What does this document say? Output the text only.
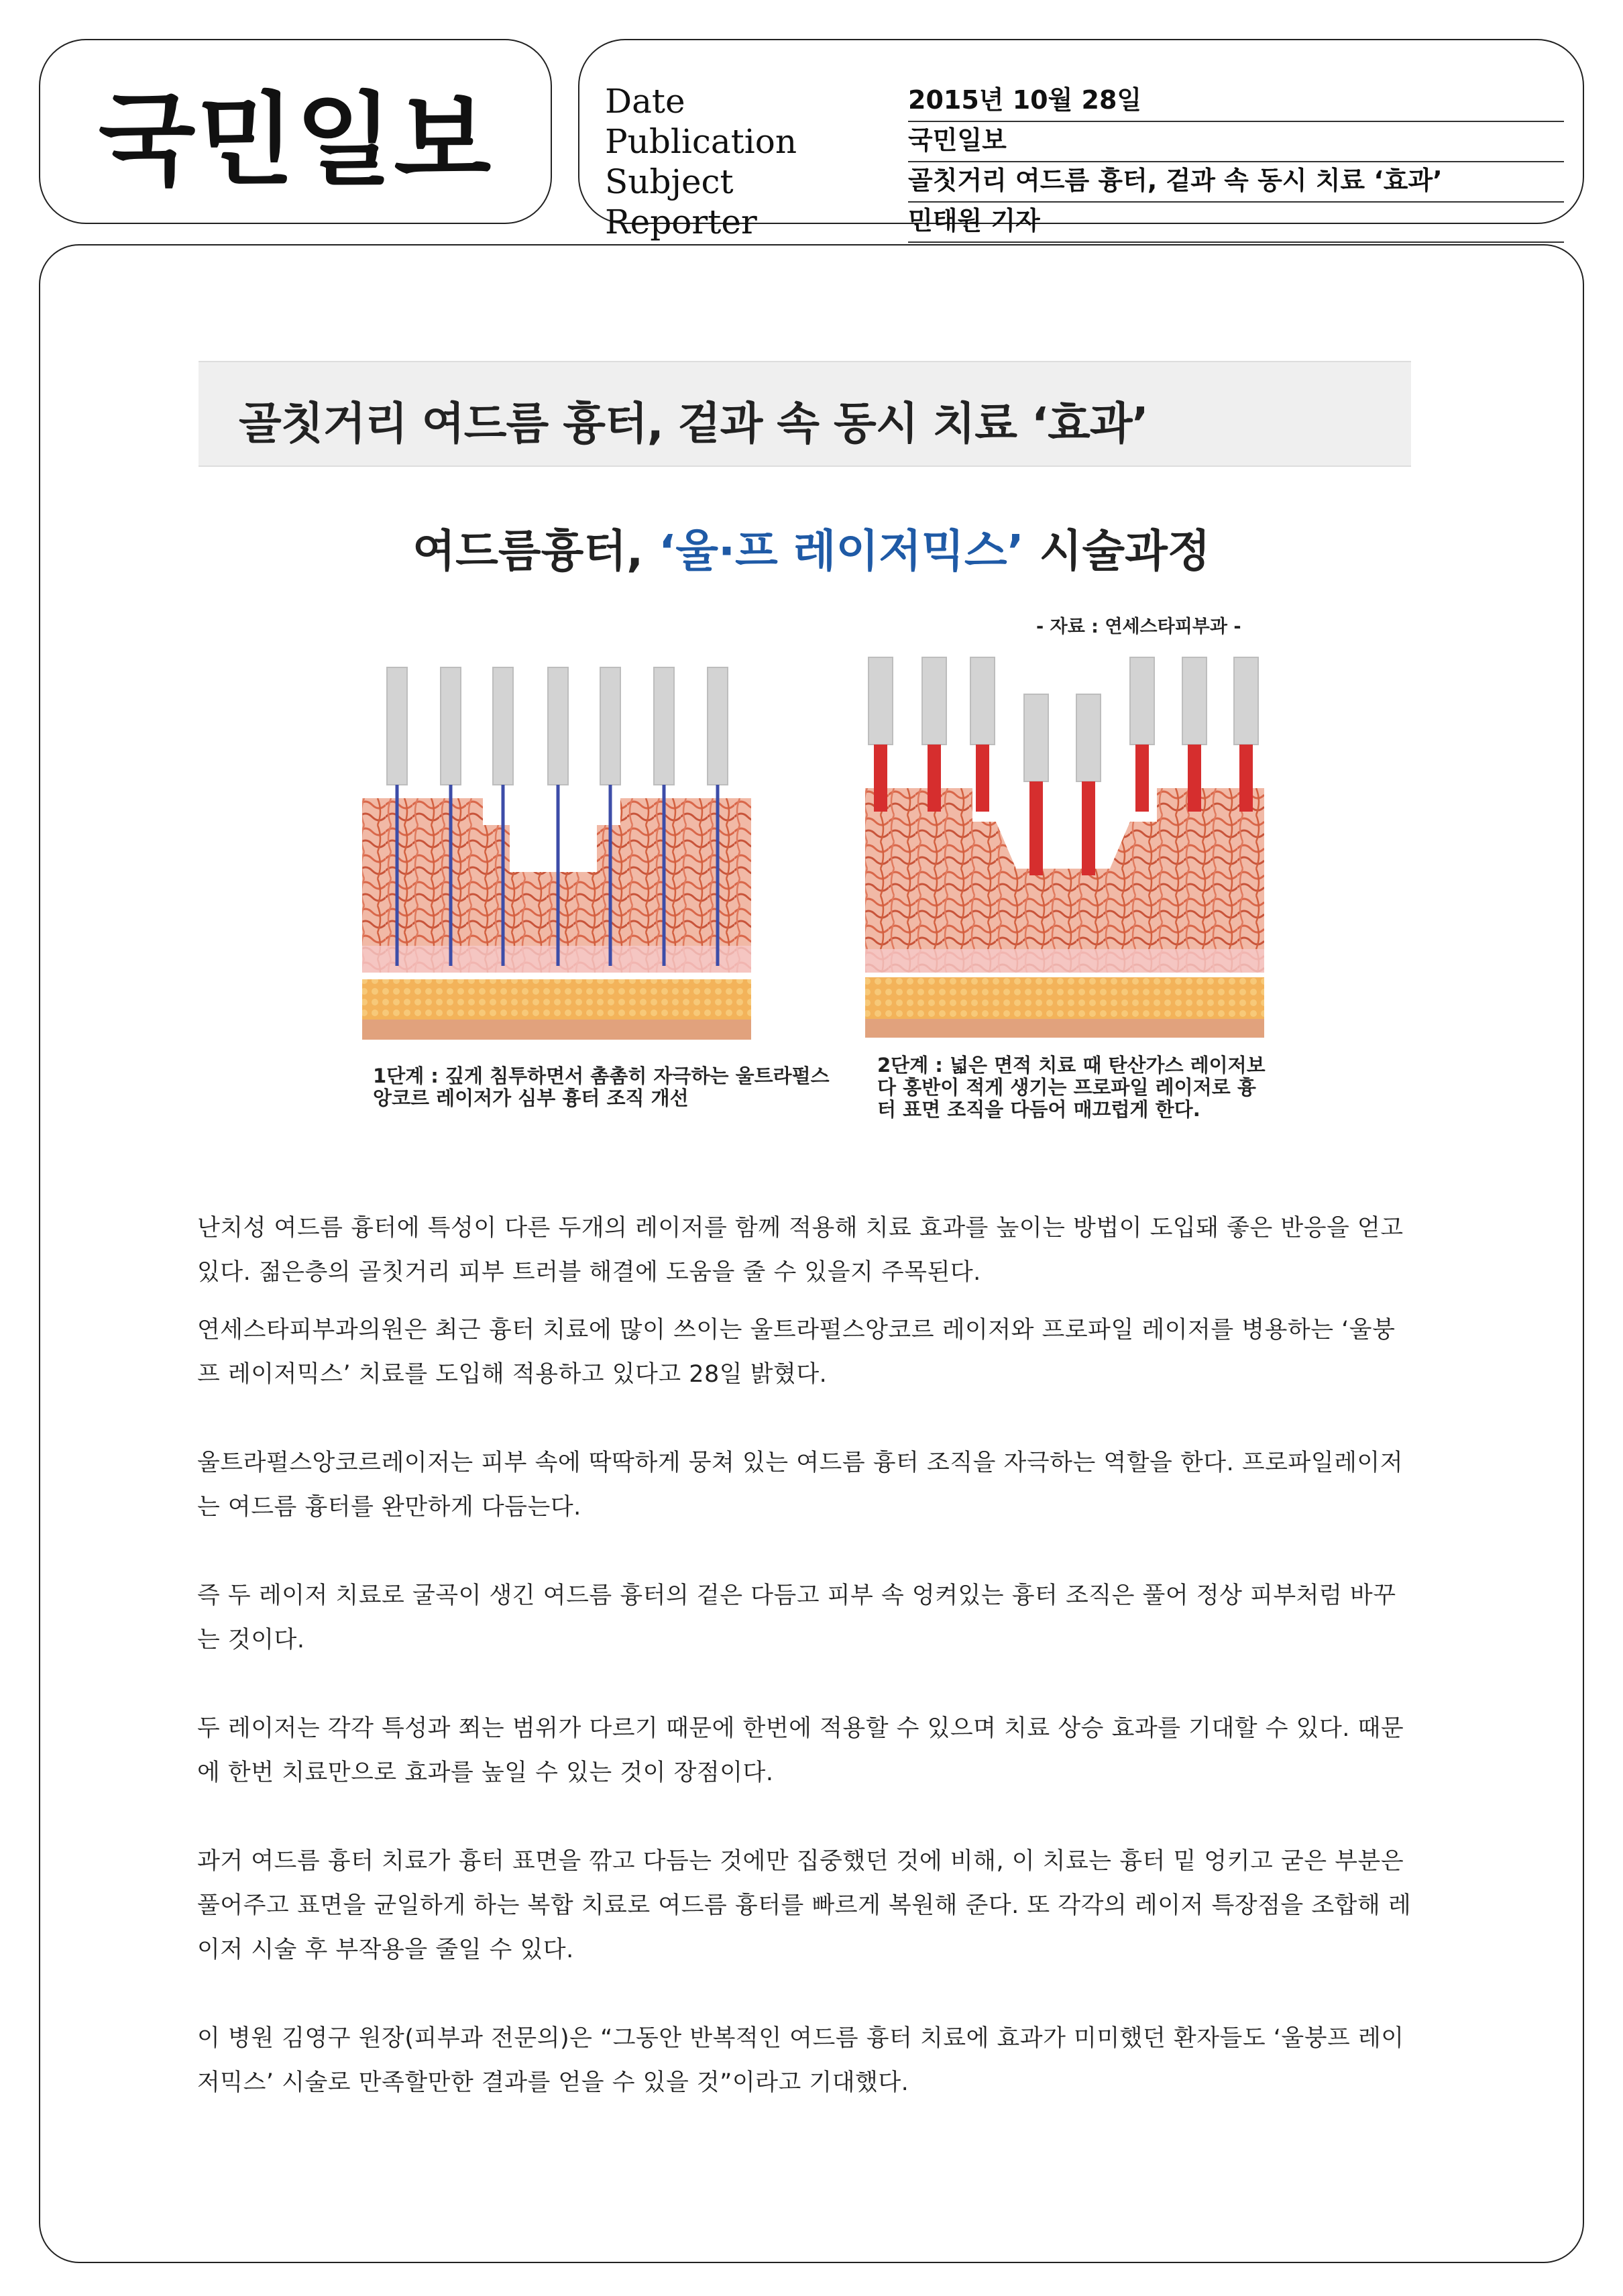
국민일보	Date	2015년 10월 28일
Publication	국민일보
Subject	골칫거리 여드름 흉터, 겉과 속 동시 치료 ‘효과’
Reporter	민태원 기자
골칫거리 여드름 흉터, 겉과 속 동시 치료 ‘효과’
여드름흉터, ‘울·프 레이저믹스’ 시술과정
- 자료 : 연세스타피부과 -
1단계 : 깊게 침투하면서 촘촘히 자극하는 울트라펄스앙코르 레이저가 심부 흉터 조직 개선
2단계 : 넓은 면적 치료 때 탄산가스 레이저보다 홍반이 적게 생기는 프로파일 레이저로 흉터 표면 조직을 다듬어 매끄럽게 한다.

난치성 여드름 흉터에 특성이 다른 두개의 레이저를 함께 적용해 치료 효과를 높이는 방법이 도입돼 좋은 반응을 얻고 있다. 젊은층의 골칫거리 피부 트러블 해결에 도움을 줄 수 있을지 주목된다.

연세스타피부과의원은 최근 흉터 치료에 많이 쓰이는 울트라펄스앙코르 레이저와 프로파일 레이저를 병용하는 ‘울붕프 레이저믹스’ 치료를 도입해 적용하고 있다고 28일 밝혔다.

울트라펄스앙코르레이저는 피부 속에 딱딱하게 뭉쳐 있는 여드름 흉터 조직을 자극하는 역할을 한다. 프로파일레이저는 여드름 흉터를 완만하게 다듬는다.

즉 두 레이저 치료로 굴곡이 생긴 여드름 흉터의 겉은 다듬고 피부 속 엉켜있는 흉터 조직은 풀어 정상 피부처럼 바꾸는 것이다.

두 레이저는 각각 특성과 쬐는 범위가 다르기 때문에 한번에 적용할 수 있으며 치료 상승 효과를 기대할 수 있다. 때문에 한번 치료만으로 효과를 높일 수 있는 것이 장점이다.

과거 여드름 흉터 치료가 흉터 표면을 깎고 다듬는 것에만 집중했던 것에 비해, 이 치료는 흉터 밑 엉키고 굳은 부분은 풀어주고 표면을 균일하게 하는 복합 치료로 여드름 흉터를 빠르게 복원해 준다. 또 각각의 레이저 특장점을 조합해 레이저 시술 후 부작용을 줄일 수 있다.

이 병원 김영구 원장(피부과 전문의)은 “그동안 반복적인 여드름 흉터 치료에 효과가 미미했던 환자들도 ‘울붕프 레이저믹스’ 시술로 만족할만한 결과를 얻을 수 있을 것”이라고 기대했다.
